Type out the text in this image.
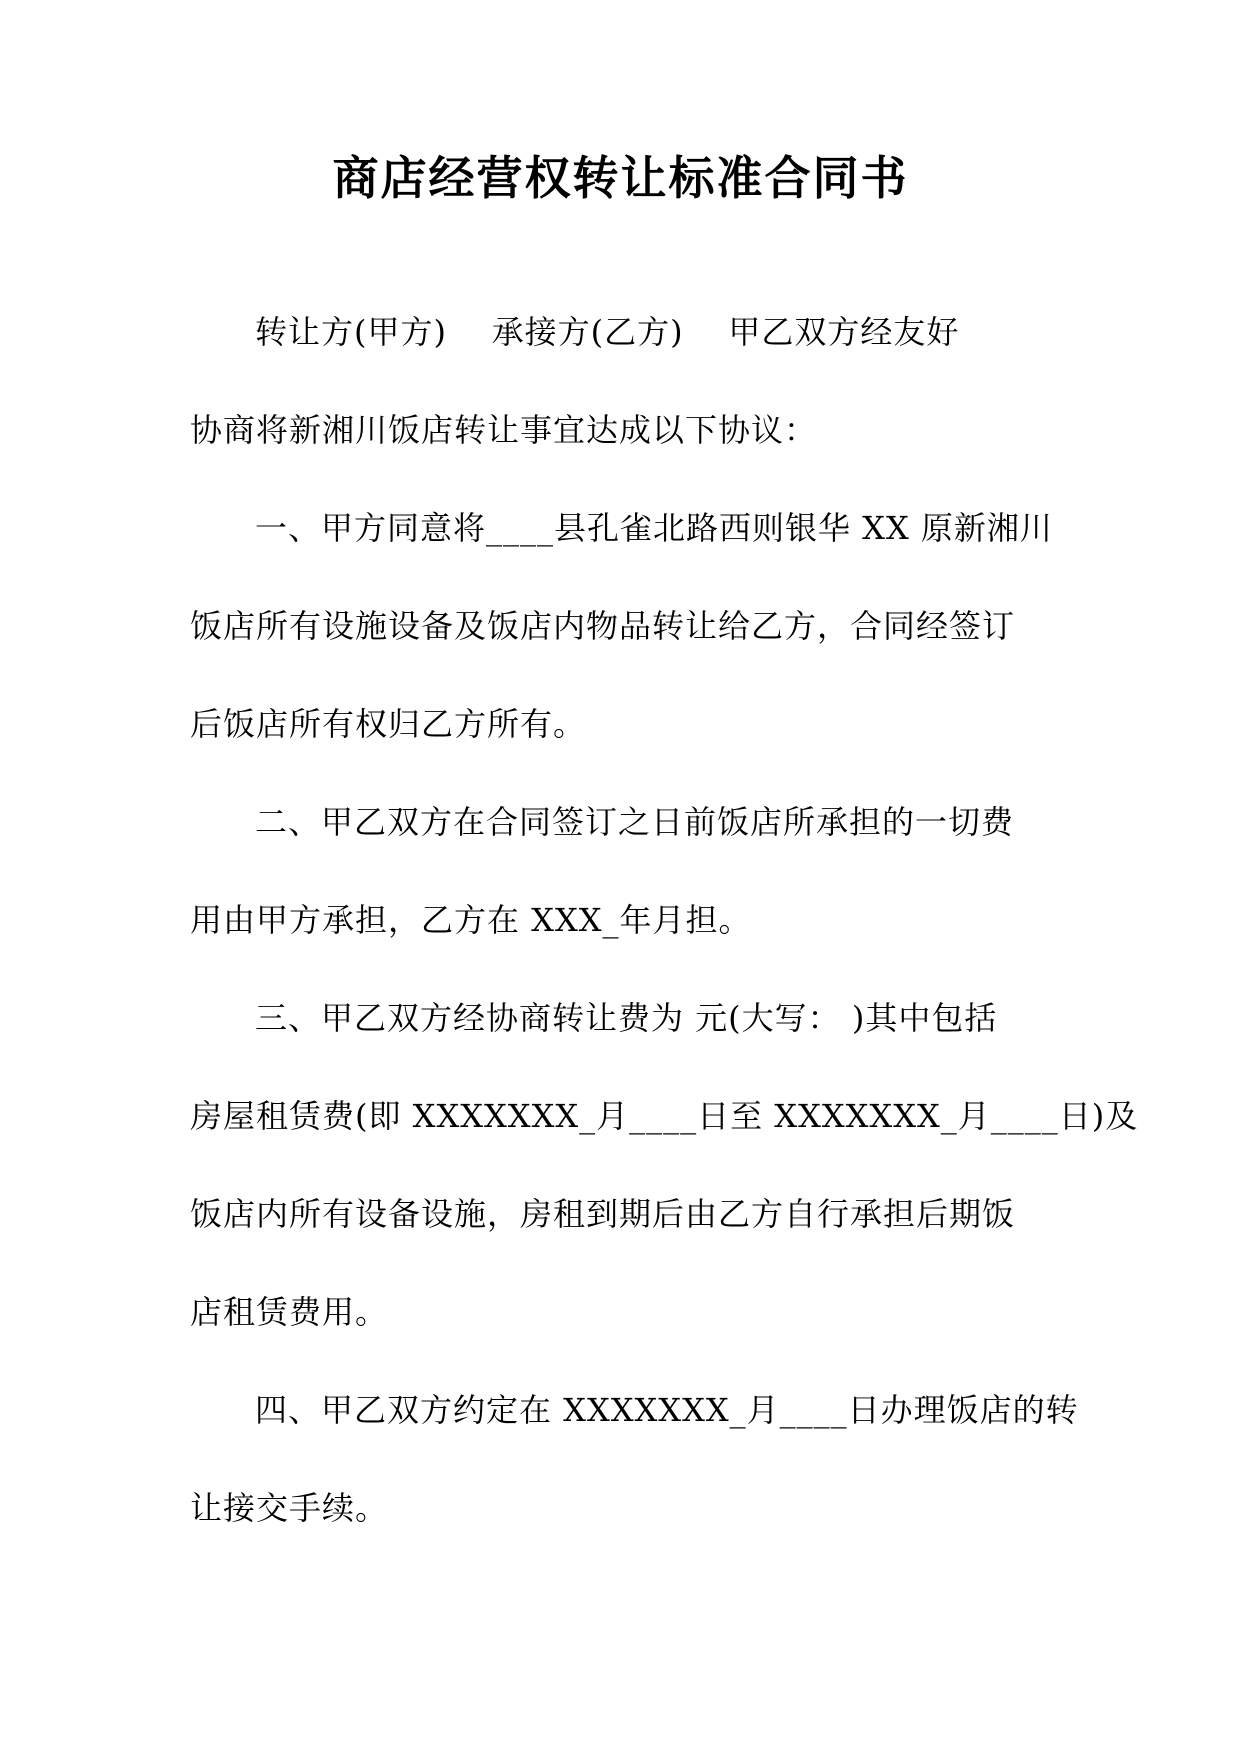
商店经营权转让标准合同书
转让方(甲方)    承接方(乙方)    甲乙双方经友好
协商将新湘川饭店转让事宜达成以下协议：
一、甲方同意将____县孔雀北路西则银华 XX 原新湘川
饭店所有设施设备及饭店内物品转让给乙方，合同经签订
后饭店所有权归乙方所有。
二、甲乙双方在合同签订之日前饭店所承担的一切费
用由甲方承担，乙方在 XXX_年月担。
三、甲乙双方经协商转让费为 元(大写： )其中包括
房屋租赁费(即 XXXXXXX_月____日至 XXXXXXX_月____日)及
饭店内所有设备设施，房租到期后由乙方自行承担后期饭
店租赁费用。
四、甲乙双方约定在 XXXXXXX_月____日办理饭店的转
让接交手续。
